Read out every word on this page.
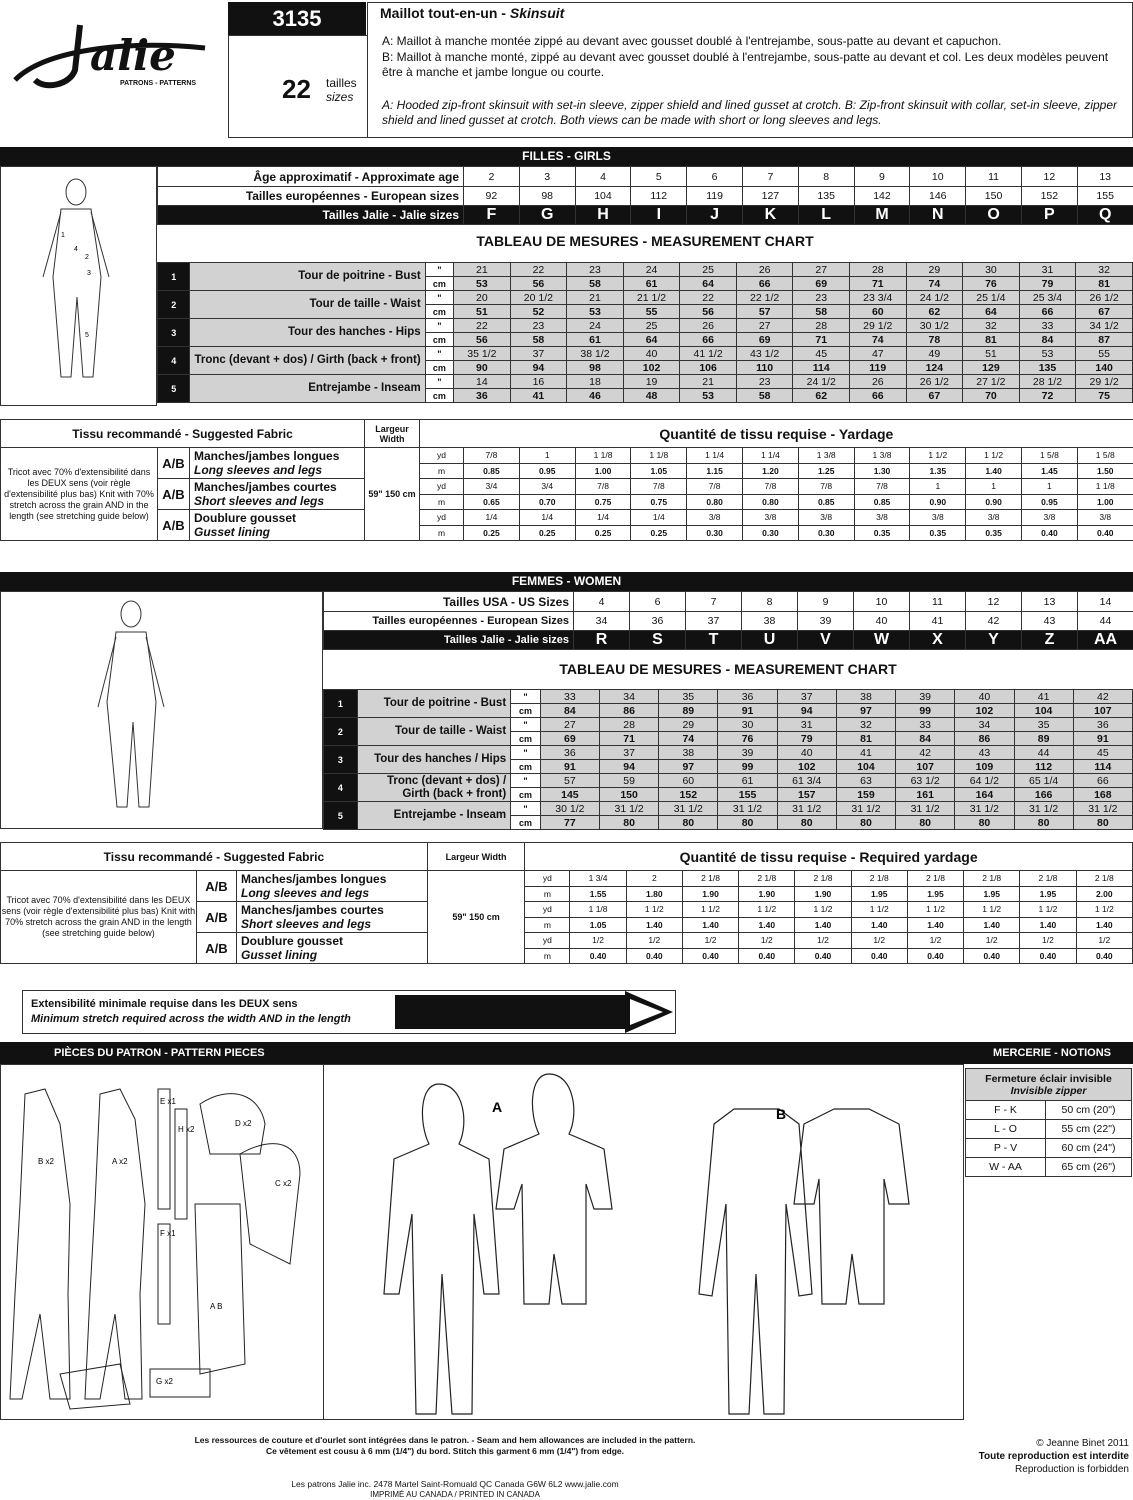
alie
PATRONS - PATTERNS
3135
22 tailles
sizes
Maillot tout-en-un - Skinsuit
A: Maillot à manche montée zippé au devant avec gousset doublé à l'entrejambe, sous-patte au devant et capuchon.
B: Maillot à manche monté, zippé au devant avec gousset doublé à l'entrejambe, sous-patte au devant et col. Les deux modèles peuvent être à manche et jambe longue ou courte.
A: Hooded zip-front skinsuit with set-in sleeve, zipper shield and lined gusset at crotch. B: Zip-front skinsuit with collar, set-in sleeve, zipper shield and lined gusset at crotch. Both views can be made with short or long sleeves and legs.
FILLES - GIRLS
1
4
2
3
5
Âge approximatif - Approximate age	2	3	4	5	6	7	8	9	10	11	12	13
Tailles européennes - European sizes	92	98	104	112	119	127	135	142	146	150	152	155
Tailles Jalie - Jalie sizes	F	G	H	I	J	K	L	M	N	O	P	Q
TABLEAU DE MESURES - MEASUREMENT CHART
1	Tour de poitrine - Bust	"	21	22	23	24	25	26	27	28	29	30	31	32
		cm	53	56	58	61	64	66	69	71	74	76	79	81
2	Tour de taille - Waist	"	20	20 1/2	21	21 1/2	22	22 1/2	23	23 3/4	24 1/2	25 1/4	25 3/4	26 1/2
		cm	51	52	53	55	56	57	58	60	62	64	66	67
3	Tour des hanches - Hips	"	22	23	24	25	26	27	28	29 1/2	30 1/2	32	33	34 1/2
		cm	56	58	61	64	66	69	71	74	78	81	84	87
4	Tronc (devant + dos) / Girth (back + front)	"	35 1/2	37	38 1/2	40	41 1/2	43 1/2	45	47	49	51	53	55
		cm	90	94	98	102	106	110	114	119	124	129	135	140
5	Entrejambe - Inseam	"	14	16	18	19	21	23	24 1/2	26	26 1/2	27 1/2	28 1/2	29 1/2
		cm	36	41	46	48	53	58	62	66	67	70	72	75
Tissu recommandé - Suggested Fabric			Largeur Width	Quantité de tissu requise - Yardage												
Tricot avec 70% d'extensibilité dans les DEUX sens (voir règle d'extensibilité plus bas) Knit with 70% stretch across the grain AND in the length (see stretching guide below)	A/B	Manches/jambes longues
Long sleeves and legs	59" 150 cm	yd	7/8	1	1 1/8	1 1/8	1 1/4	1 1/4	1 3/8	1 3/8	1 1/2	1 1/2	1 5/8	1 5/8
				m	0.85	0.95	1.00	1.05	1.15	1.20	1.25	1.30	1.35	1.40	1.45	1.50
	A/B	Manches/jambes courtes
Short sleeves and legs		yd	3/4	3/4	7/8	7/8	7/8	7/8	7/8	7/8	1	1	1	1 1/8
				m	0.65	0.70	0.75	0.75	0.80	0.80	0.85	0.85	0.90	0.90	0.95	1.00
	A/B	Doublure gousset
Gusset lining		yd	1/4	1/4	1/4	1/4	3/8	3/8	3/8	3/8	3/8	3/8	3/8	3/8
				m	0.25	0.25	0.25	0.25	0.30	0.30	0.30	0.35	0.35	0.35	0.40	0.40
FEMMES - WOMEN
Tailles USA - US Sizes	4	6	7	8	9	10	11	12	13	14
Tailles européennes - European Sizes	34	36	37	38	39	40	41	42	43	44
Tailles Jalie - Jalie sizes	R	S	T	U	V	W	X	Y	Z	AA
TABLEAU DE MESURES - MEASUREMENT CHART
1	Tour de poitrine - Bust	"	33	34	35	36	37	38	39	40	41	42
		cm	84	86	89	91	94	97	99	102	104	107
2	Tour de taille - Waist	"	27	28	29	30	31	32	33	34	35	36
		cm	69	71	74	76	79	81	84	86	89	91
3	Tour des hanches / Hips	"	36	37	38	39	40	41	42	43	44	45
		cm	91	94	97	99	102	104	107	109	112	114
4	Tronc (devant + dos) / Girth (back + front)	"	57	59	60	61	61 3/4	63	63 1/2	64 1/2	65 1/4	66
		cm	145	150	152	155	157	159	161	164	166	168
5	Entrejambe - Inseam	"	30 1/2	31 1/2	31 1/2	31 1/2	31 1/2	31 1/2	31 1/2	31 1/2	31 1/2	31 1/2
		cm	77	80	80	80	80	80	80	80	80	80
Tissu recommandé - Suggested Fabric			Largeur Width	Quantité de tissu requise - Required yardage										
Tricot avec 70% d'extensibilité dans les DEUX sens (voir règle d'extensibilité plus bas) Knit with 70% stretch across the grain AND in the length (see stretching guide below)	A/B	Manches/jambes longues
Long sleeves and legs	59" 150 cm	yd	1 3/4	2	2 1/8	2 1/8	2 1/8	2 1/8	2 1/8	2 1/8	2 1/8	2 1/8
				m	1.55	1.80	1.90	1.90	1.90	1.95	1.95	1.95	1.95	2.00
	A/B	Manches/jambes courtes
Short sleeves and legs		yd	1 1/8	1 1/2	1 1/2	1 1/2	1 1/2	1 1/2	1 1/2	1 1/2	1 1/2	1 1/2
				m	1.05	1.40	1.40	1.40	1.40	1.40	1.40	1.40	1.40	1.40
	A/B	Doublure gousset
Gusset lining		yd	1/2	1/2	1/2	1/2	1/2	1/2	1/2	1/2	1/2	1/2
				m	0.40	0.40	0.40	0.40	0.40	0.40	0.40	0.40	0.40	0.40
Extensibilité minimale requise dans les DEUX sens
Minimum stretch required across the width AND in the length
PIÈCES DU PATRON - PATTERN PIECES	MERCERIE - NOTIONS
B x2	A x2
E x1
H x2
D x2
C x2
F x1
A B
G x2
A	B
Fermeture éclair invisible
Invisible zipper	

F - K	50 cm (20")
L - O	55 cm (22")
P - V	60 cm (24")
W - AA	65 cm (26")
Les ressources de couture et d'ourlet sont intégrées dans le patron. - Seam and hem allowances are included in the pattern.
Ce vêtement est cousu à 6 mm (1/4") du bord. Stitch this garment 6 mm (1/4") from edge.
© Jeanne Binet 2011
Toute reproduction est interdite
Reproduction is forbidden
Les patrons Jalie inc. 2478 Martel Saint-Romuald QC Canada G6W 6L2 www.jalie.com
IMPRIMÉ AU CANADA / PRINTED IN CANADA
